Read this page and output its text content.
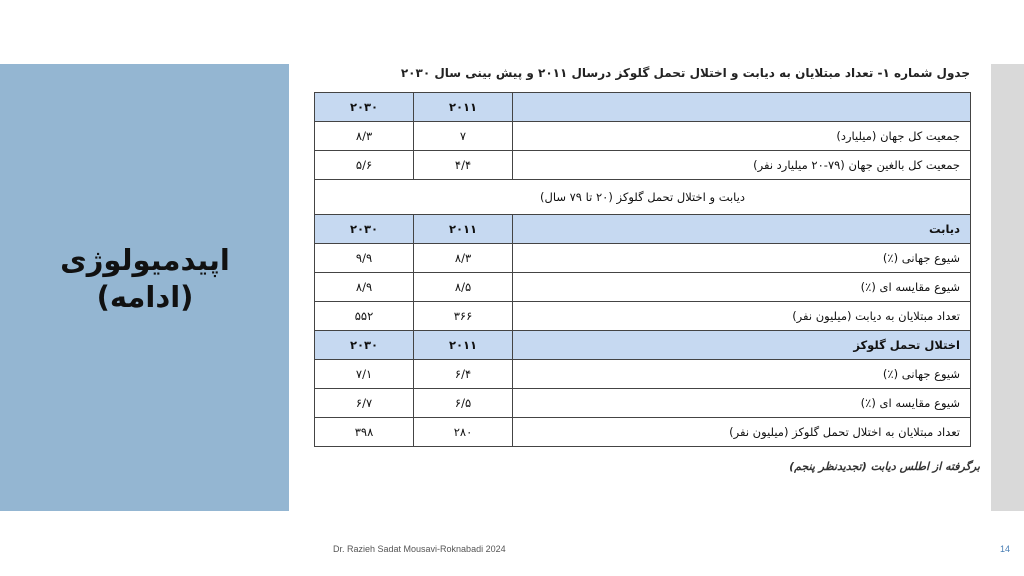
اپیدمیولوژی
(ادامه)
جدول شماره ۱- تعداد مبتلایان به دیابت و اختلال تحمل گلوکز درسال ۲۰۱۱ و پیش بینی سال ۲۰۳۰
	۲۰۱۱	۲۰۳۰
جمعیت کل جهان (میلیارد)	۷	۸/۳
جمعیت کل بالغین جهان (۷۹-۲۰ میلیارد نفر)	۴/۴	۵/۶
دیابت و اختلال تحمل گلوکز (۲۰ تا ۷۹ سال)		
دیابت	۲۰۱۱	۲۰۳۰
شیوع جهانی (٪)	۸/۳	۹/۹
شیوع مقایسه ای (٪)	۸/۵	۸/۹
تعداد مبتلایان به دیابت (میلیون نفر)	۳۶۶	۵۵۲
اختلال تحمل گلوکز	۲۰۱۱	۲۰۳۰
شیوع جهانی (٪)	۶/۴	۷/۱
شیوع مقایسه ای (٪)	۶/۵	۶/۷
تعداد مبتلایان به اختلال تحمل گلوکز (میلیون نفر)	۲۸۰	۳۹۸
برگرفته از اطلس دیابت (تجدیدنظر پنجم)
Dr. Razieh Sadat Mousavi-Roknabadi 2024	14
